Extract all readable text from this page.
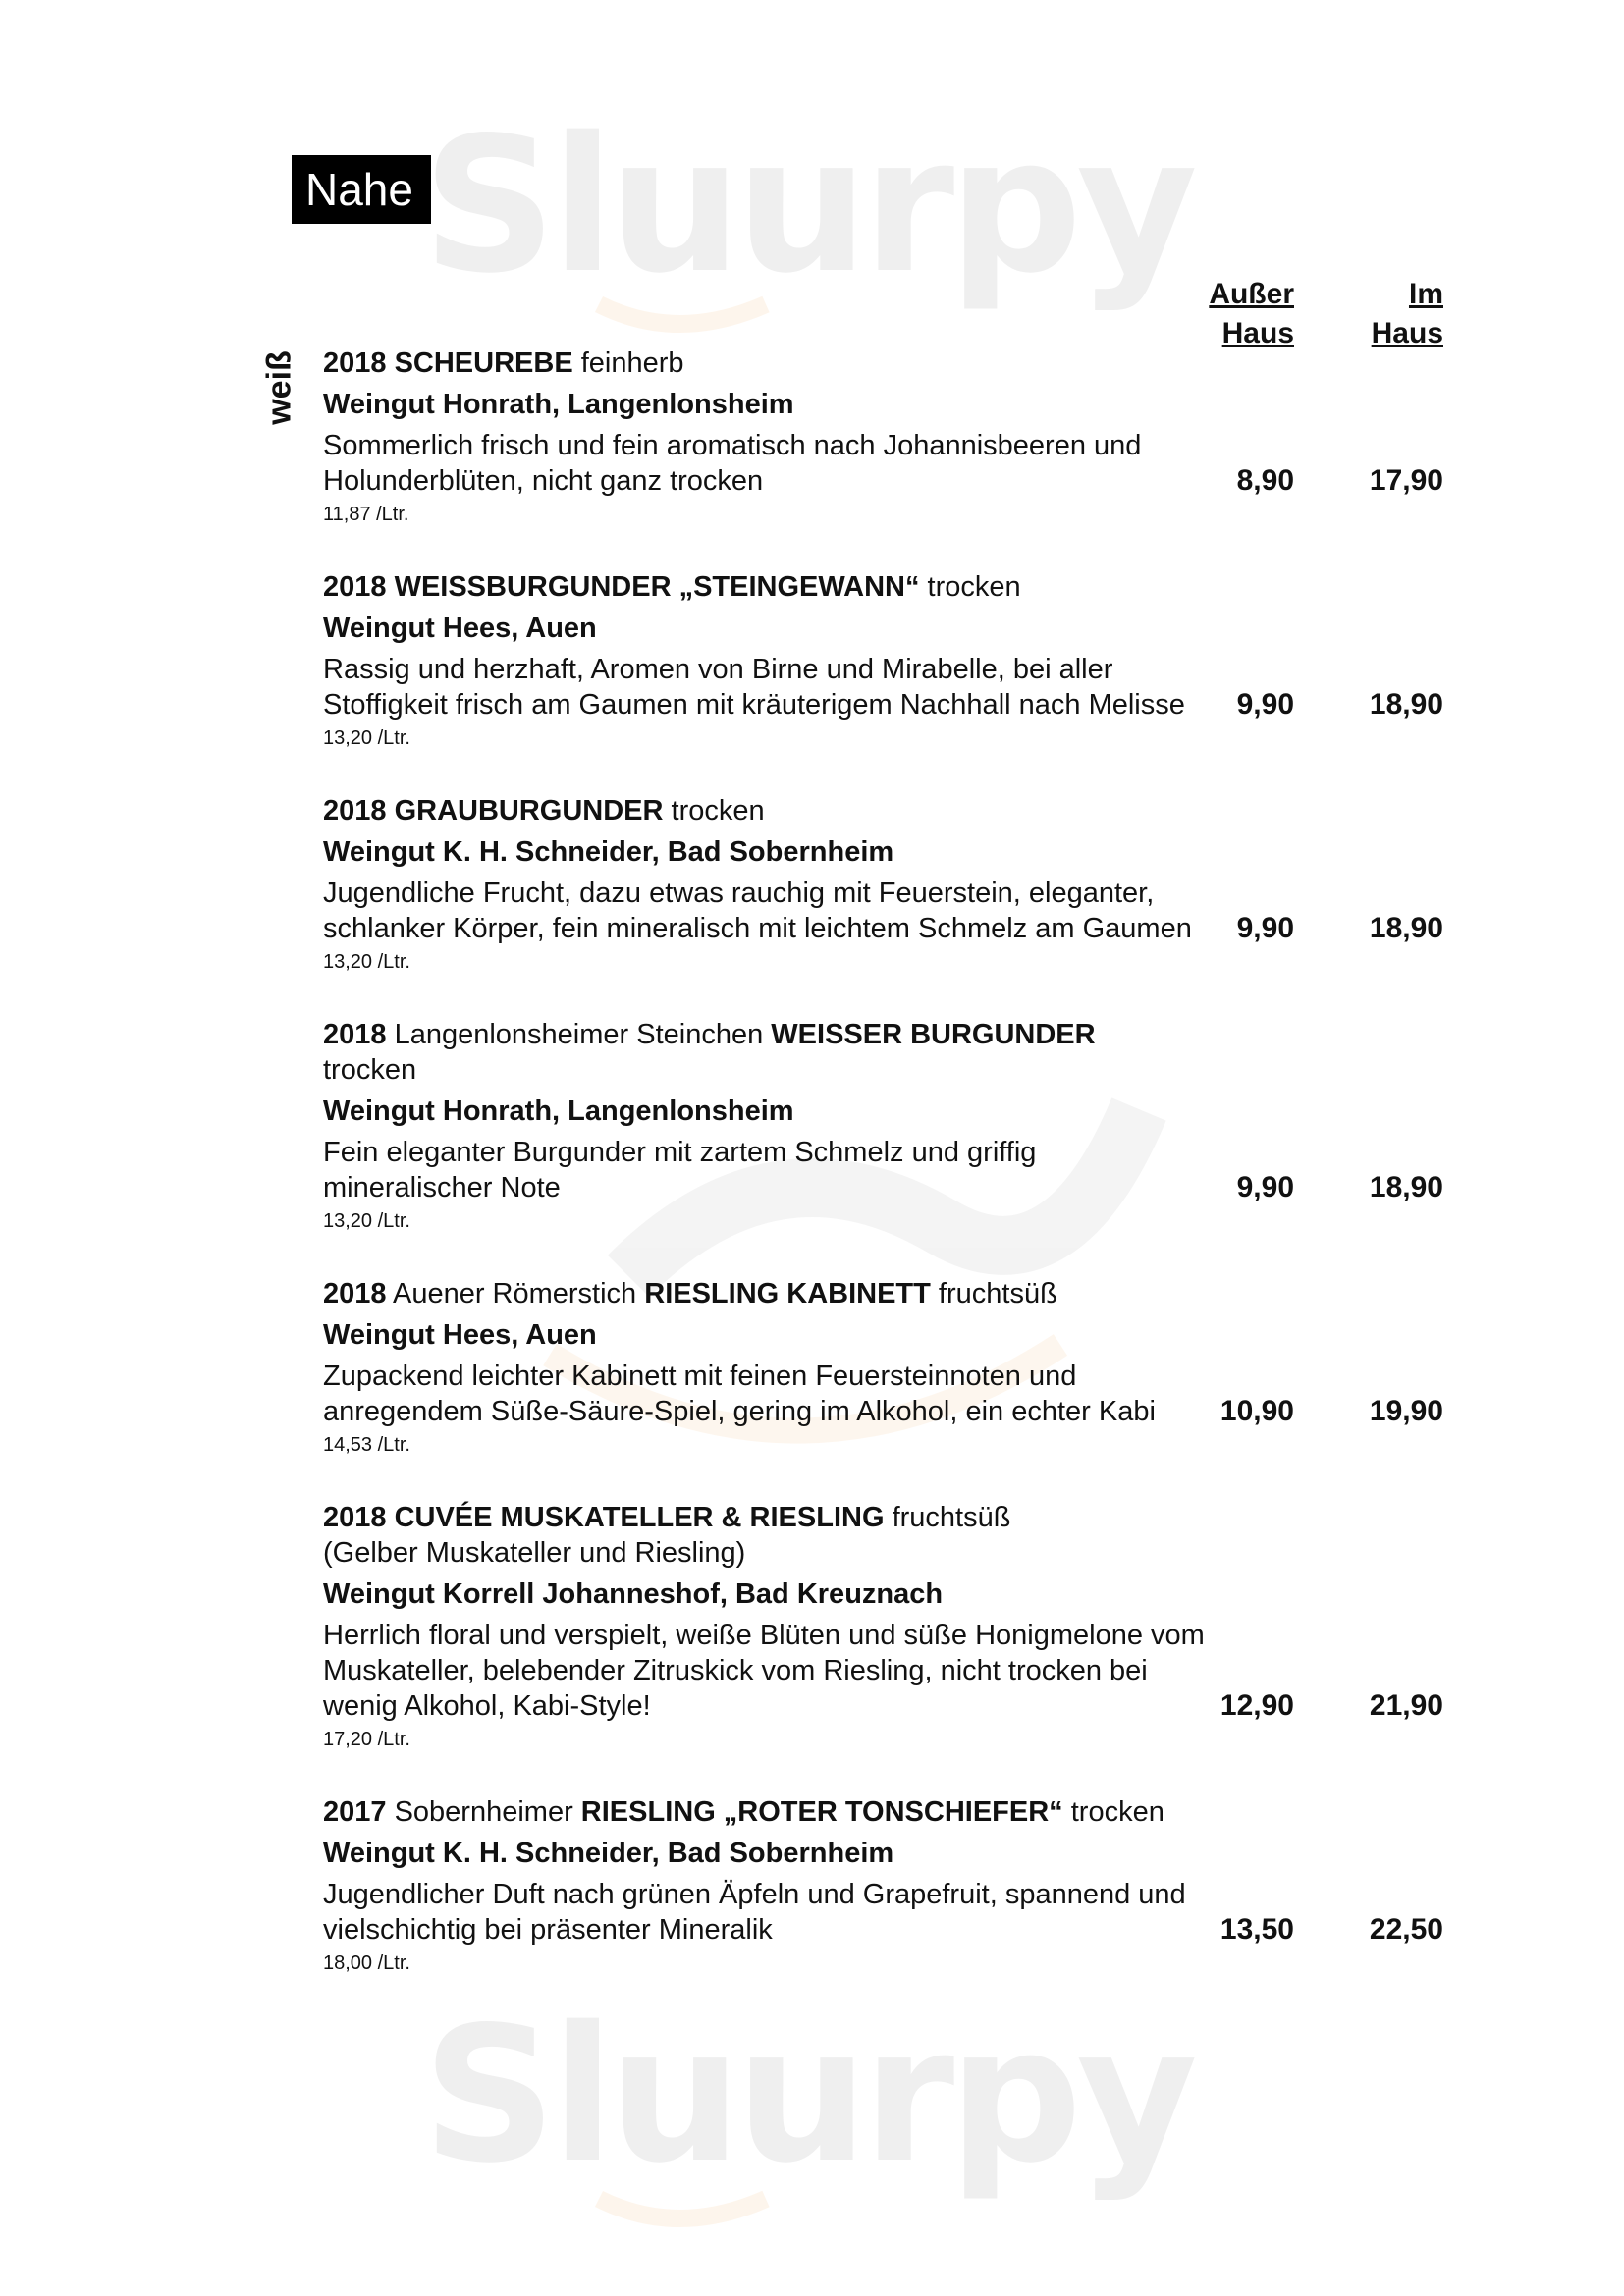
Sluurpy
Sluurpy
Nahe
weiß
Außer
Haus
Im
Haus
2018 SCHEUREBE feinherb
Weingut Honrath, Langenlonsheim
Sommerlich frisch und fein aromatisch nach Johannisbeeren und
Holunderblüten, nicht ganz trocken
11,87 /Ltr.
8,90	17,90
2018 WEISSBURGUNDER „STEINGEWANN“ trocken
Weingut Hees, Auen
Rassig und herzhaft, Aromen von Birne und Mirabelle, bei aller
Stoffigkeit frisch am Gaumen mit kräuterigem Nachhall nach Melisse
13,20 /Ltr.
9,90	18,90
2018 GRAUBURGUNDER trocken
Weingut K. H. Schneider, Bad Sobernheim
Jugendliche Frucht, dazu etwas rauchig mit Feuerstein, eleganter,
schlanker Körper, fein mineralisch mit leichtem Schmelz am Gaumen
13,20 /Ltr.
9,90	18,90
2018 Langenlonsheimer Steinchen WEISSER BURGUNDER
trocken
Weingut Honrath, Langenlonsheim
Fein eleganter Burgunder mit zartem Schmelz und griffig
mineralischer Note
13,20 /Ltr.
9,90	18,90
2018 Auener Römerstich RIESLING KABINETT fruchtsüß
Weingut Hees, Auen
Zupackend leichter Kabinett mit feinen Feuersteinnoten und
anregendem Süße-Säure-Spiel, gering im Alkohol, ein echter Kabi
14,53 /Ltr.
10,90	19,90
2018 CUVÉE MUSKATELLER & RIESLING fruchtsüß
(Gelber Muskateller und Riesling)
Weingut Korrell Johanneshof, Bad Kreuznach
Herrlich floral und verspielt, weiße Blüten und süße Honigmelone vom
Muskateller, belebender Zitruskick vom Riesling, nicht trocken bei
wenig Alkohol, Kabi-Style!
17,20 /Ltr.
12,90	21,90
2017 Sobernheimer RIESLING „ROTER TONSCHIEFER“ trocken
Weingut K. H. Schneider, Bad Sobernheim
Jugendlicher Duft nach grünen Äpfeln und Grapefruit, spannend und
vielschichtig bei präsenter Mineralik
18,00 /Ltr.
13,50	22,50
